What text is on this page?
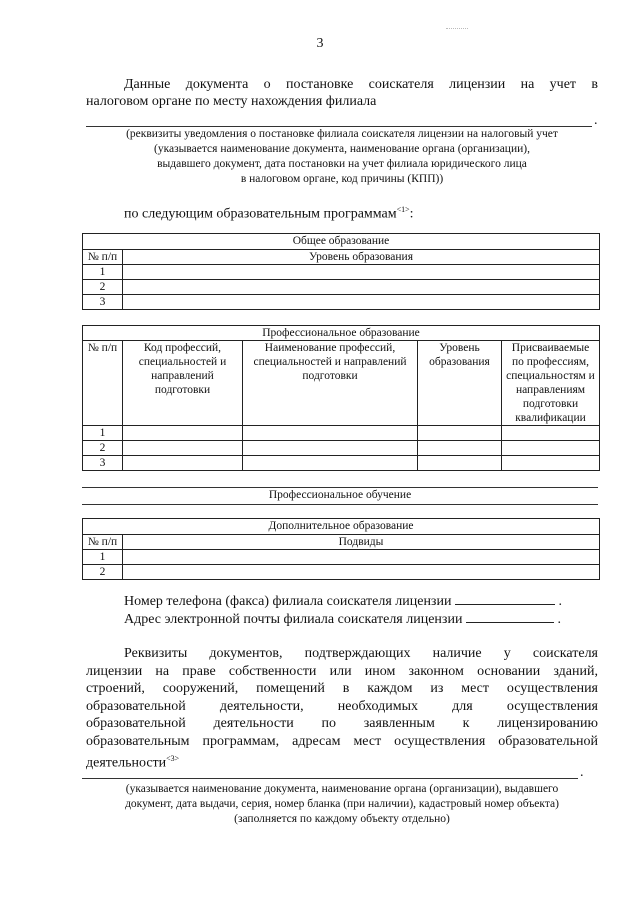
3
Данные документа о постановке соискателя лицензии на учет в
налоговом органе по месту нахождения филиала
.
(реквизиты уведомления о постановке филиала соискателя лицензии на налоговый учет
(указывается наименование документа, наименование органа (организации),
выдавшего документ, дата постановки на учет филиала юридического лица
в налоговом органе, код причины (КПП))
по следующим образовательным программам$^{<1>}$:
Общее образование	
№ п/п	Уровень образования
1	
2	
3	
Профессиональное образование				
№ п/п	Код профессий, специальностей и направлений подготовки	Наименование профессий, специальностей и направлений подготовки	Уровень образования	Присваиваемые по профессиям, специальностям и направлениям подготовки квалификации
1				
2				
3				
Профессиональное обучение
Дополнительное образование	
№ п/п	Подвиды
1	
2	
Номер телефона (факса) филиала соискателя лицензии	.
Адрес электронной почты филиала соискателя лицензии	.
Реквизиты документов, подтверждающих наличие у соискателя
лицензии на праве собственности или ином законном основании зданий,
строений, сооружений, помещений в каждом из мест осуществления
образовательной деятельности, необходимых для осуществления
образовательной деятельности по заявленным к лицензированию
образовательным программам, адресам мест осуществления образовательной
деятельности$^{<3>}$
.
(указывается наименование документа, наименование органа (организации), выдавшего
документ, дата выдачи, серия, номер бланка (при наличии), кадастровый номер объекта)
(заполняется по каждому объекту отдельно)
